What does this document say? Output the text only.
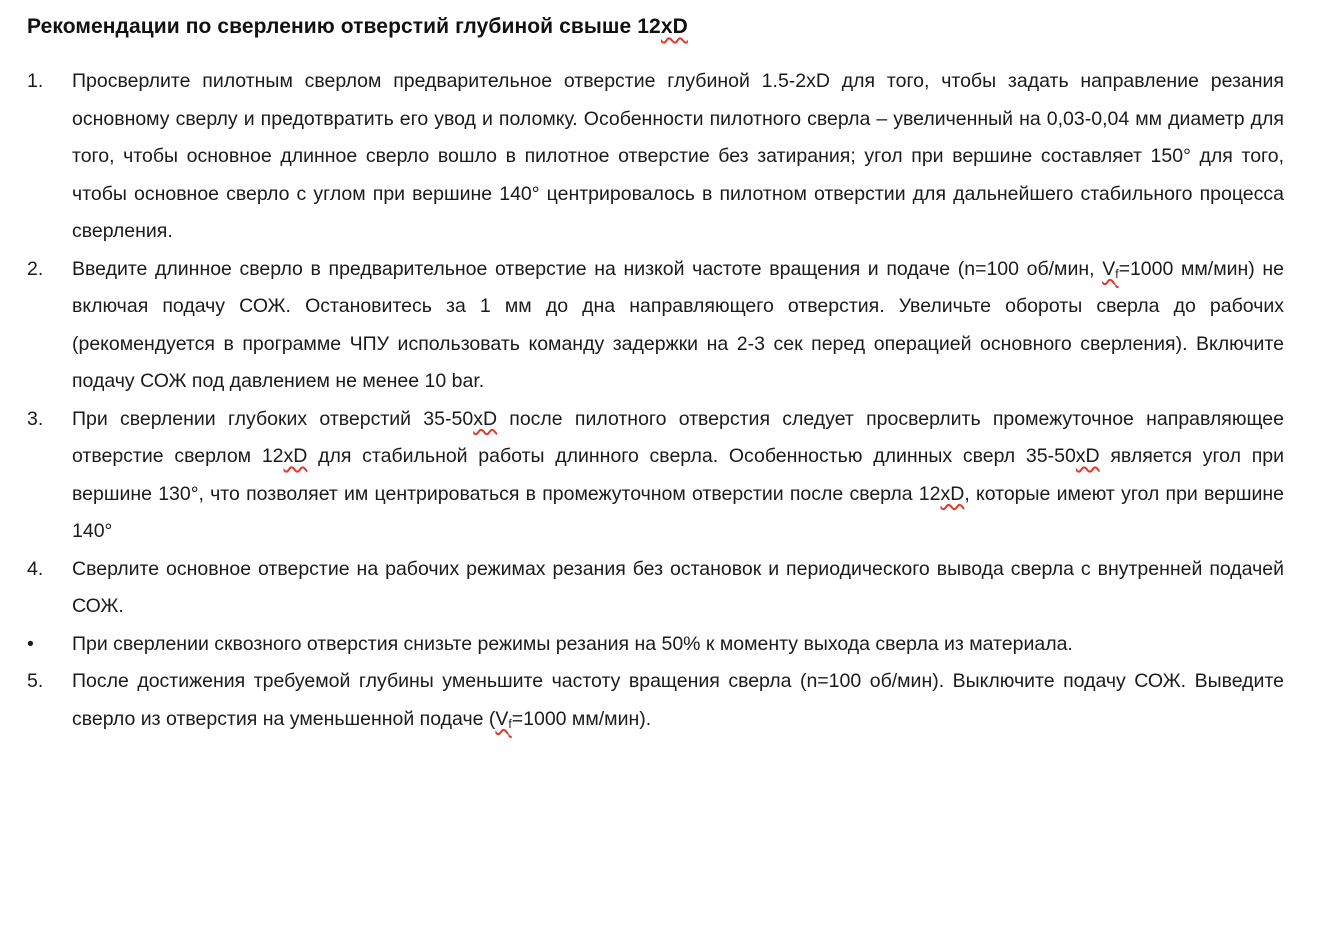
Рекомендации по сверлению отверстий глубиной свыше 12xD
1.	Просверлите пилотным сверлом предварительное отверстие глубиной 1.5-2хD для того, чтобы задать направление резания основному сверлу и предотвратить его увод и поломку. Особенности пилотного сверла – увеличенный на 0,03-0,04 мм диаметр для того, чтобы основное длинное сверло вошло в пилотное отверстие без затирания; угол при вершине составляет 150° для того, чтобы основное сверло с углом при вершине 140° центрировалось в пилотном отверстии для дальнейшего стабильного процесса сверления.
2.	Введите длинное сверло в предварительное отверстие на низкой частоте вращения и подаче (n=100 об/мин, $V_f=1000$ мм/мин) не включая подачу СОЖ. Остановитесь за 1 мм до дна направляющего отверстия. Увеличьте обороты сверла до рабочих (рекомендуется в программе ЧПУ использовать команду задержки на 2-3 сек перед операцией основного сверления). Включите подачу СОЖ под давлением не менее 10 bar.
3.	При сверлении глубоких отверстий 35-50хD после пилотного отверстия следует просверлить промежуточное направляющее отверстие сверлом 12хD для стабильной работы длинного сверла. Особенностью длинных сверл 35-50хD является угол при вершине 130°, что позволяет им центрироваться в промежуточном отверстии после сверла 12хD, которые имеют угол при вершине 140°
4.	Сверлите основное отверстие на рабочих режимах резания без остановок и периодического вывода сверла с внутренней подачей СОЖ.
•	При сверлении сквозного отверстия снизьте режимы резания на 50% к моменту выхода сверла из материала.
5.	После достижения требуемой глубины уменьшите частоту вращения сверла (n=100 об/мин). Выключите подачу СОЖ. Выведите сверло из отверстия на уменьшенной подаче ($V_f=1000$ мм/мин).
